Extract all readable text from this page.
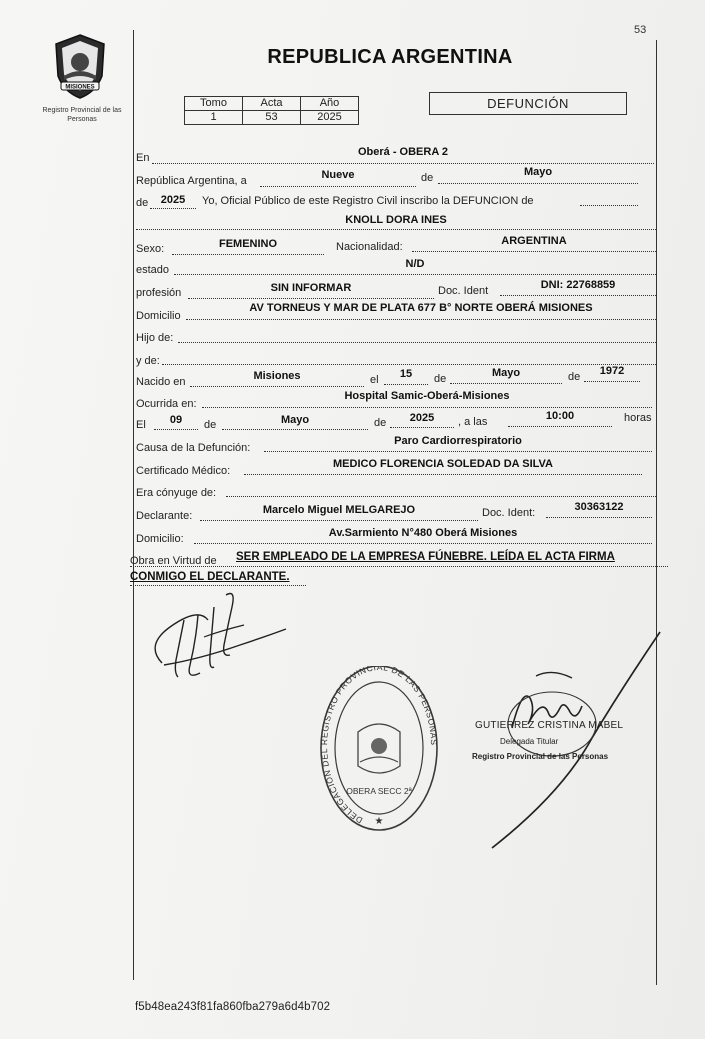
53
MISIONES
Registro Provincial de las Personas
REPUBLICA ARGENTINA
Tomo	Acta	Año
1	53	2025
DEFUNCIÓN
En	Oberá - OBERA 2
República Argentina, a	Nueve	de	Mayo
de	2025	Yo, Oficial Público de este Registro Civil inscribo la DEFUNCION de
KNOLL DORA INES
Sexo:	FEMENINO	Nacionalidad:	ARGENTINA
estado	N/D
profesión	SIN INFORMAR	Doc. Ident	DNI: 22768859
Domicilio
AV TORNEUS Y MAR DE PLATA 677 B° NORTE OBERÁ MISIONES
Hijo de:
y de:
Nacido en	Misiones	el	15	de	Mayo	de	1972
Ocurrida en:
Hospital Samic-Oberá-Misiones
El	09	de	Mayo	de	2025	, a las	10:00	horas
Causa de la Defunción:
Paro Cardiorrespiratorio
Certificado Médico:
MEDICO FLORENCIA SOLEDAD DA SILVA
Era cónyuge de:
Declarante:	Marcelo Miguel MELGAREJO	Doc. Ident:	30363122
Domicilio:	Av.Sarmiento N°480 Oberá Misiones
Obra en Virtud de SER EMPLEADO DE LA EMPRESA FÚNEBRE. LEÍDA EL ACTA FIRMA
CONMIGO EL DECLARANTE.
DELEGACION DEL REGISTRO PROVINCIAL DE LAS PERSONA
OBERA SECC 2ª
★
GUTIERREZ CRISTINA MABEL
Delegada Titular
Registro Provincial de las Personas
f5b48ea243f81fa860fba279a6d4b702
